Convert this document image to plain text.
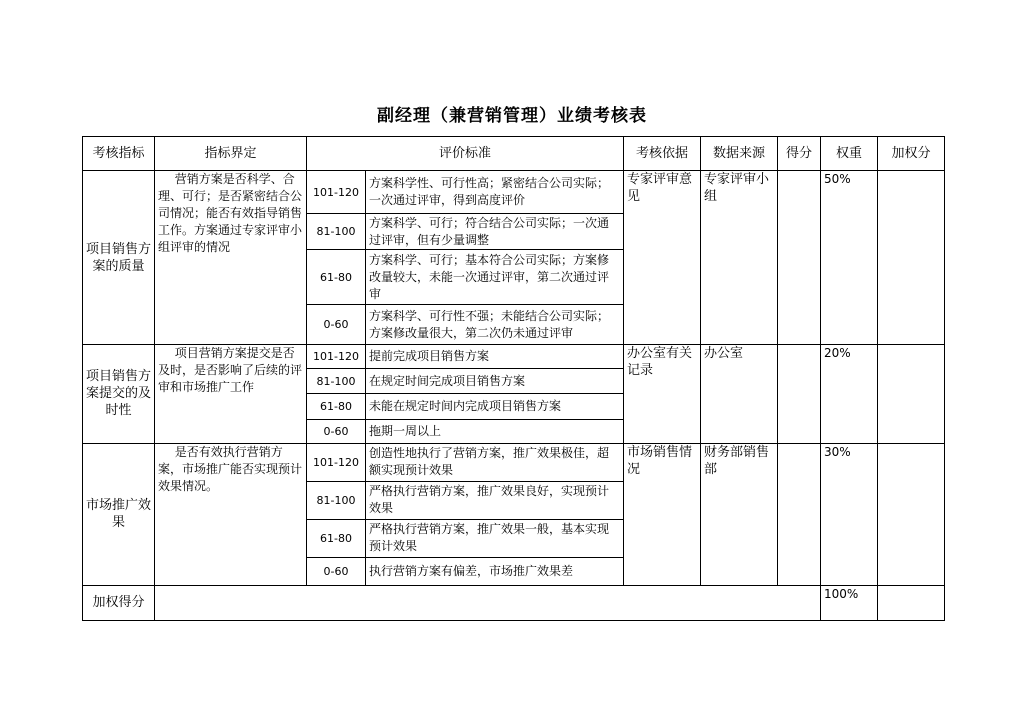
副经理（兼营销管理）业绩考核表
考核指标	指标界定	评价标准		考核依据	数据来源	得分	权重	加权分
项目销售方案的质量	营销方案是否科学、合理、可行；是否紧密结合公司情况；能否有效指导销售工作。方案通过专家评审小组评审的情况	101-120	方案科学性、可行性高；紧密结合公司实际；一次通过评审，得到高度评价	专家评审意见	专家评审小组		50%	
		81-100	方案科学、可行；符合结合公司实际；一次通过评审，但有少量调整					
		61-80	方案科学、可行；基本符合公司实际；方案修改量较大，未能一次通过评审，第二次通过评审					
		0-60	方案科学、可行性不强；未能结合公司实际；方案修改量很大，第二次仍未通过评审					
项目销售方案提交的及时性	项目营销方案提交是否及时，是否影响了后续的评审和市场推广工作	101-120	提前完成项目销售方案	办公室有关记录	办公室		20%	
		81-100	在规定时间完成项目销售方案					
		61-80	未能在规定时间内完成项目销售方案					
		0-60	拖期一周以上					
市场推广效果	是否有效执行营销方案，市场推广能否实现预计效果情况。	101-120	创造性地执行了营销方案，推广效果极佳，超额实现预计效果	市场销售情况	财务部销售部		30%	
		81-100	严格执行营销方案，推广效果良好，实现预计效果					
		61-80	严格执行营销方案，推广效果一般，基本实现预计效果					
		0-60	执行营销方案有偏差，市场推广效果差					
加权得分							100%	
